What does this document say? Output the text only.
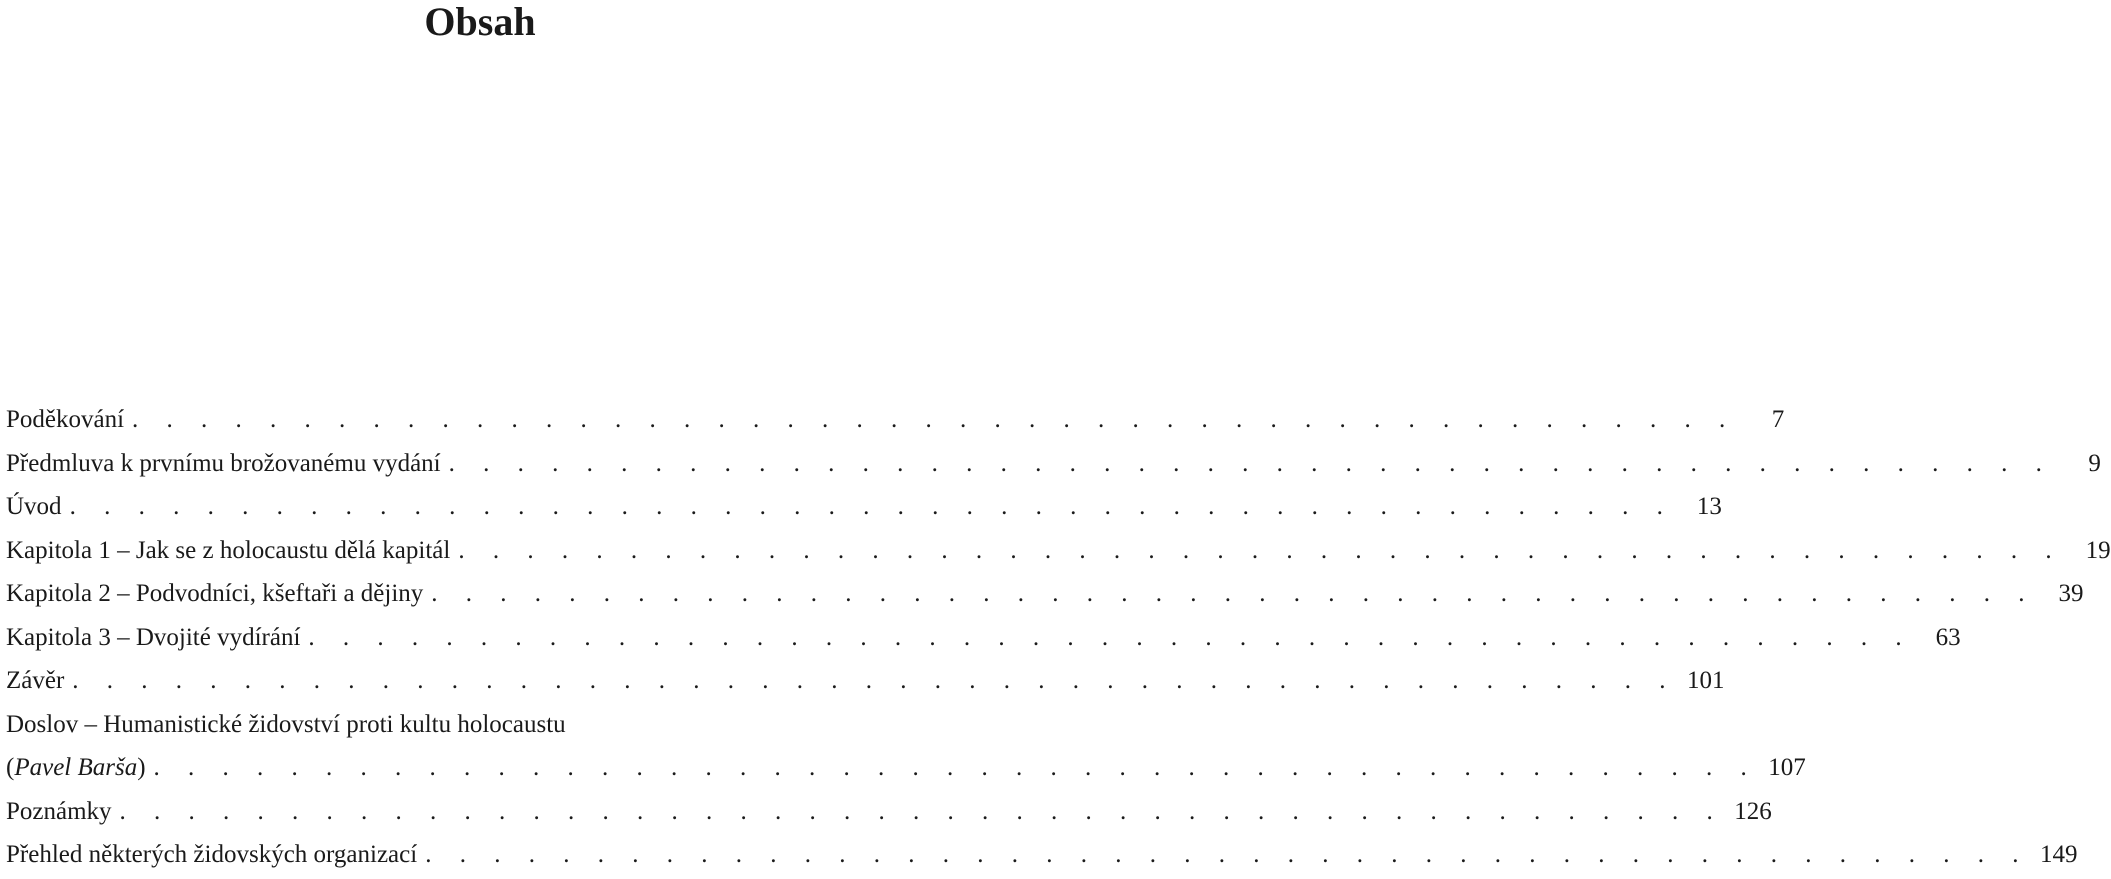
Obsah
Poděkování . . . . . . . . . . . . . . . . . . . . . . . . . . . . . . . . . . . . . . . . . . . . . . .	7
Předmluva k prvnímu brožovanému vydání . . . . . . . . . . . . . . . . . . . . . . . . . . . . . . . . . . . . . . . . . . . . . . .	9
Úvod . . . . . . . . . . . . . . . . . . . . . . . . . . . . . . . . . . . . . . . . . . . . . . . 13
Kapitola 1 – Jak se z holocaustu dělá kapitál . . . . . . . . . . . . . . . . . . . . . . . . . . . . . . . . . . . . . . . . . . . . . . . 19
Kapitola 2 – Podvodníci, kšeftaři a dějiny . . . . . . . . . . . . . . . . . . . . . . . . . . . . . . . . . . . . . . . . . . . . . . . 39
Kapitola 3 – Dvojité vydírání . . . . . . . . . . . . . . . . . . . . . . . . . . . . . . . . . . . . . . . . . . . . . . . 63
Závěr . . . . . . . . . . . . . . . . . . . . . . . . . . . . . . . . . . . . . . . . . . . . . . . 101
Doslov – Humanistické židovství proti kultu holocaustu
(Pavel Barša) . . . . . . . . . . . . . . . . . . . . . . . . . . . . . . . . . . . . . . . . . . . . . . . 107
Poznámky . . . . . . . . . . . . . . . . . . . . . . . . . . . . . . . . . . . . . . . . . . . . . . . 126
Přehled některých židovských organizací . . . . . . . . . . . . . . . . . . . . . . . . . . . . . . . . . . . . . . . . . . . . . . . 149
